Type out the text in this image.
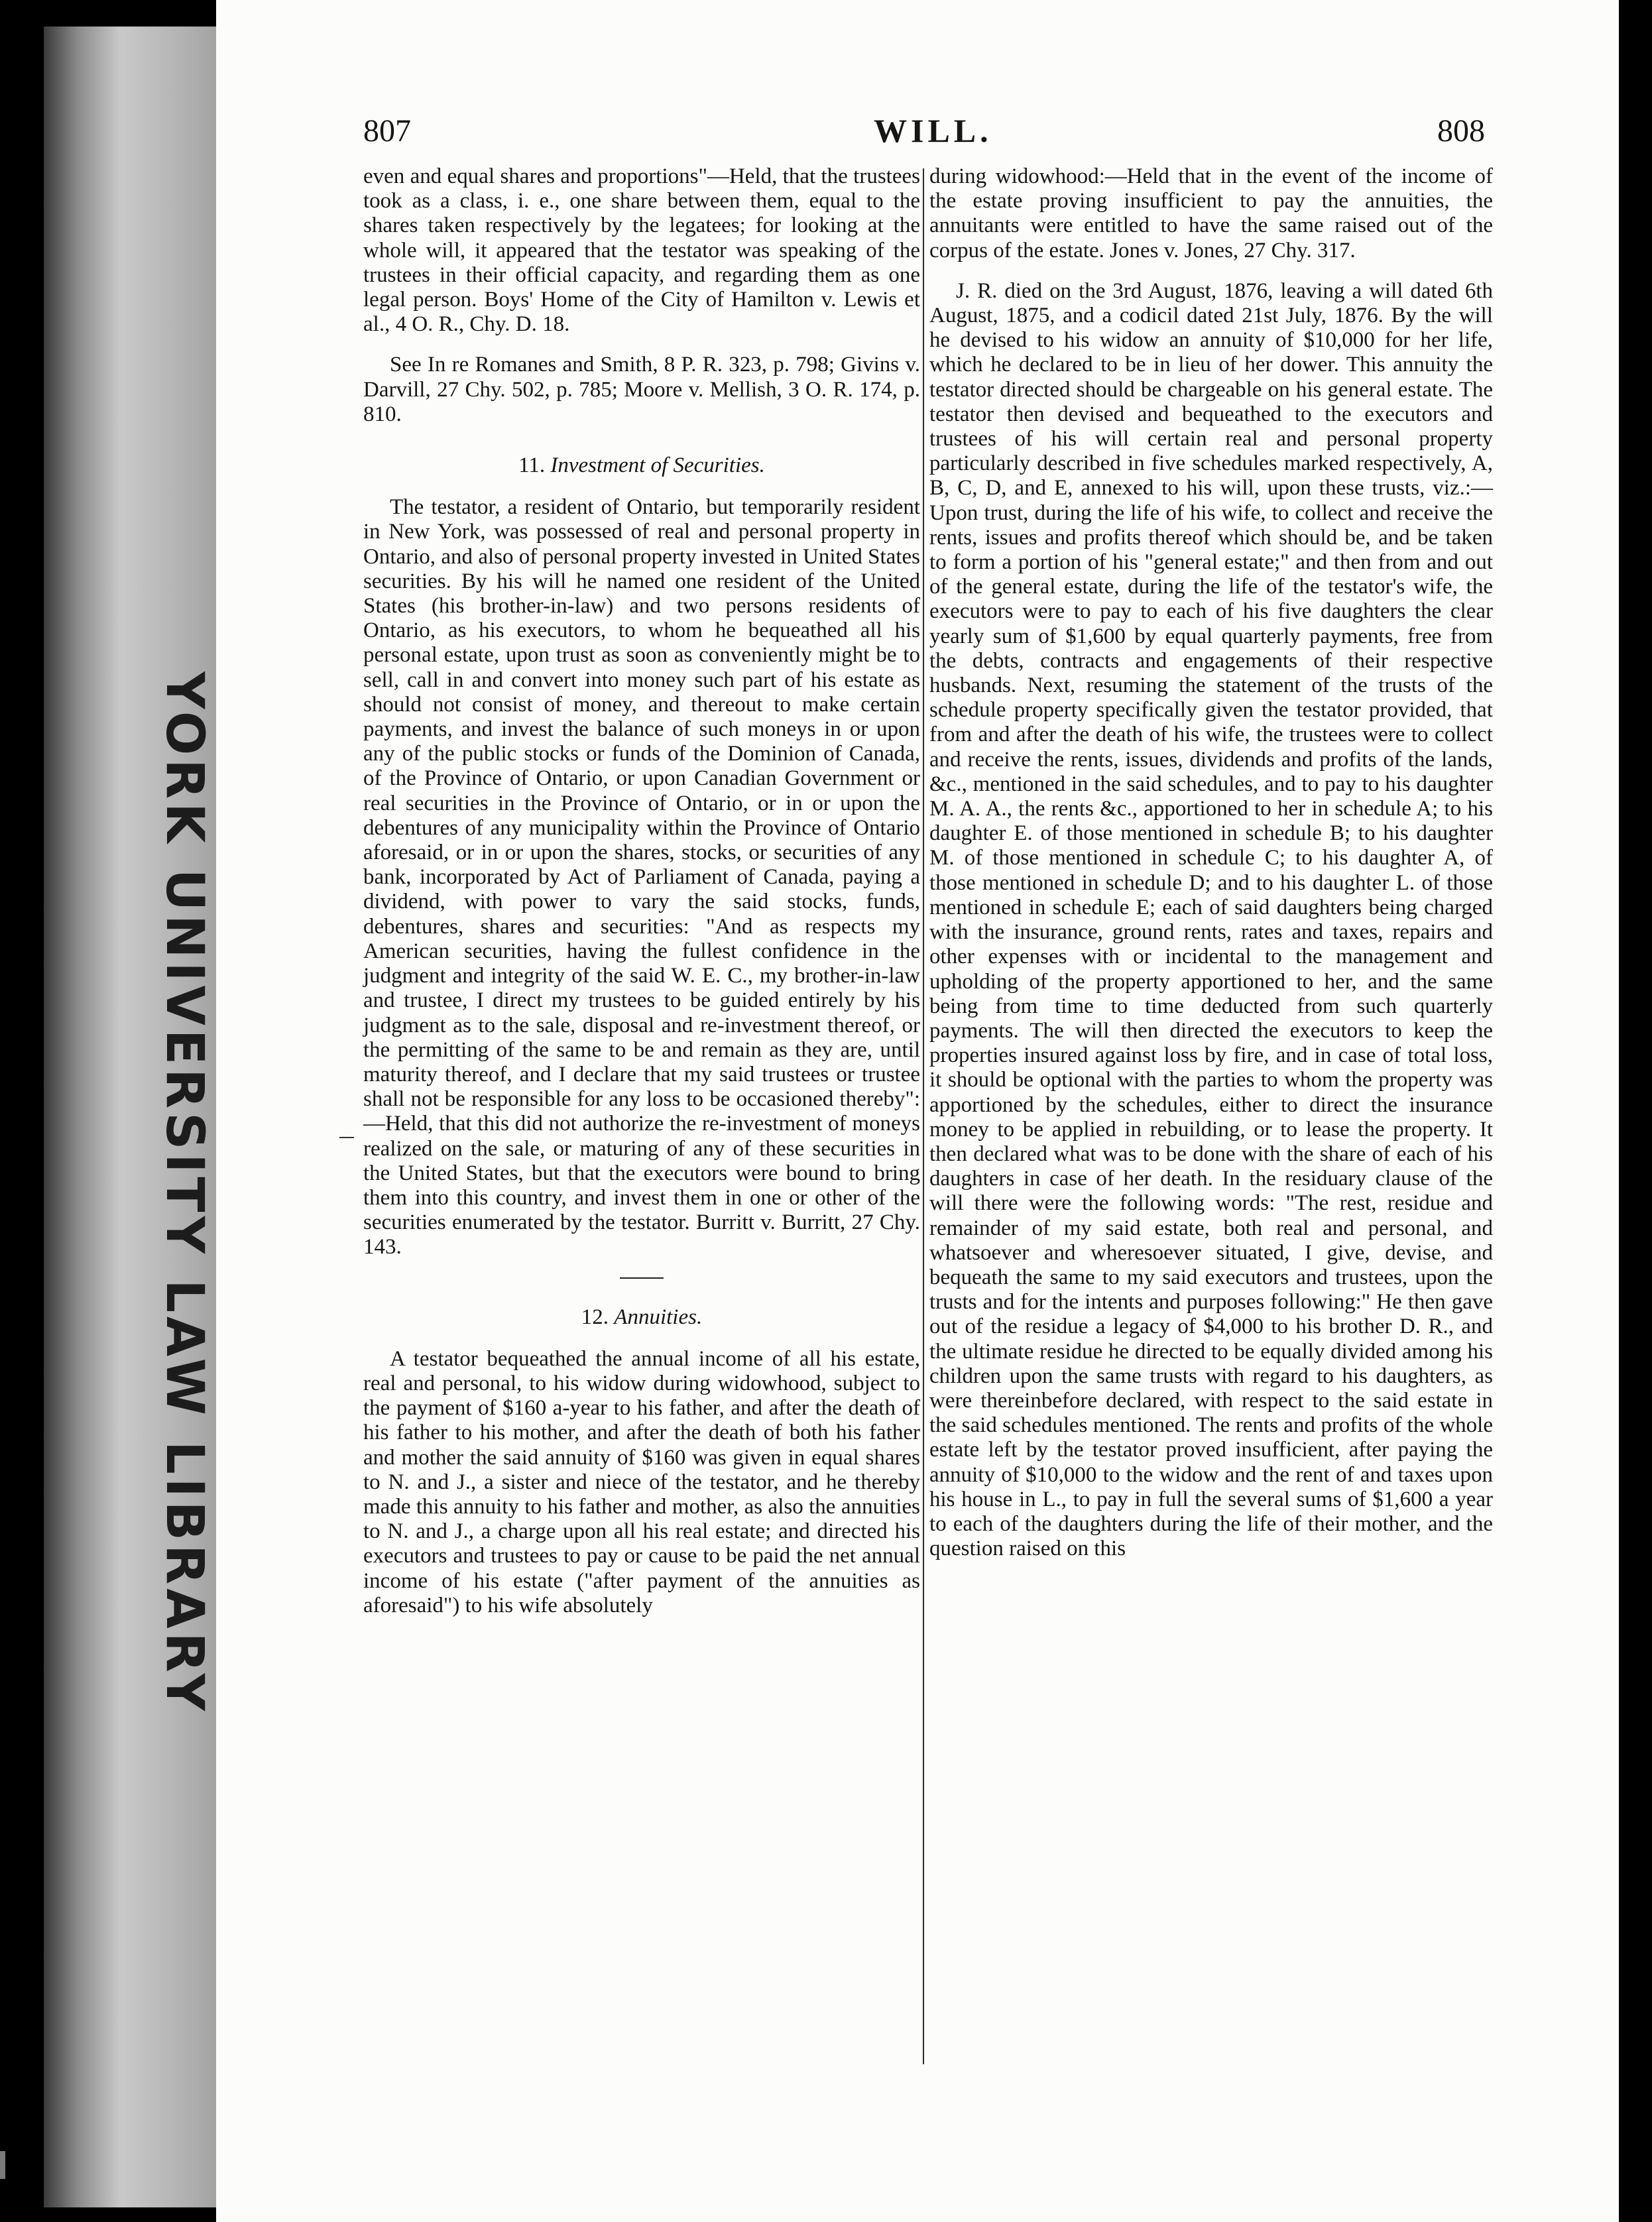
YORK UNIVERSITY LAW LIBRARY
807	WILL.	808

even and equal shares and proportions"—Held, that the trustees took as a class, i. e., one share between them, equal to the shares taken respectively by the legatees; for looking at the whole will, it appeared that the testator was speaking of the trustees in their official capacity, and regarding them as one legal person. Boys' Home of the City of Hamilton v. Lewis et al., 4 O. R., Chy. D. 18.

See In re Romanes and Smith, 8 P. R. 323, p. 798; Givins v. Darvill, 27 Chy. 502, p. 785; Moore v. Mellish, 3 O. R. 174, p. 810.

11. Investment of Securities.

The testator, a resident of Ontario, but temporarily resident in New York, was possessed of real and personal property in Ontario, and also of personal property invested in United States securities. By his will he named one resident of the United States (his brother-in-law) and two persons residents of Ontario, as his executors, to whom he bequeathed all his personal estate, upon trust as soon as conveniently might be to sell, call in and convert into money such part of his estate as should not consist of money, and thereout to make certain payments, and invest the balance of such moneys in or upon any of the public stocks or funds of the Dominion of Canada, of the Province of Ontario, or upon Canadian Government or real securities in the Province of Ontario, or in or upon the debentures of any municipality within the Province of Ontario aforesaid, or in or upon the shares, stocks, or securities of any bank, incorporated by Act of Parliament of Canada, paying a dividend, with power to vary the said stocks, funds, debentures, shares and securities: "And as respects my American securities, having the fullest confidence in the judgment and integrity of the said W. E. C., my brother-in-law and trustee, I direct my trustees to be guided entirely by his judgment as to the sale, disposal and re-investment thereof, or the permitting of the same to be and remain as they are, until maturity thereof, and I declare that my said trustees or trustee shall not be responsible for any loss to be occasioned thereby": —Held, that this did not authorize the re-investment of moneys realized on the sale, or maturing of any of these securities in the United States, but that the executors were bound to bring them into this country, and invest them in one or other of the securities enumerated by the testator. Burritt v. Burritt, 27 Chy. 143.

12. Annuities.

A testator bequeathed the annual income of all his estate, real and personal, to his widow during widowhood, subject to the payment of $160 a-year to his father, and after the death of his father to his mother, and after the death of both his father and mother the said annuity of $160 was given in equal shares to N. and J., a sister and niece of the testator, and he thereby made this annuity to his father and mother, as also the annuities to N. and J., a charge upon all his real estate; and directed his executors and trustees to pay or cause to be paid the net annual income of his estate ("after payment of the annuities as aforesaid") to his wife absolutely

during widowhood:—Held that in the event of the income of the estate proving insufficient to pay the annuities, the annuitants were entitled to have the same raised out of the corpus of the estate. Jones v. Jones, 27 Chy. 317.

J. R. died on the 3rd August, 1876, leaving a will dated 6th August, 1875, and a codicil dated 21st July, 1876. By the will he devised to his widow an annuity of $10,000 for her life, which he declared to be in lieu of her dower. This annuity the testator directed should be chargeable on his general estate. The testator then devised and bequeathed to the executors and trustees of his will certain real and personal property particularly described in five schedules marked respectively, A, B, C, D, and E, annexed to his will, upon these trusts, viz.:—Upon trust, during the life of his wife, to collect and receive the rents, issues and profits thereof which should be, and be taken to form a portion of his "general estate;" and then from and out of the general estate, during the life of the testator's wife, the executors were to pay to each of his five daughters the clear yearly sum of $1,600 by equal quarterly payments, free from the debts, contracts and engagements of their respective husbands. Next, resuming the statement of the trusts of the schedule property specifically given the testator provided, that from and after the death of his wife, the trustees were to collect and receive the rents, issues, dividends and profits of the lands, &c., mentioned in the said schedules, and to pay to his daughter M. A. A., the rents &c., apportioned to her in schedule A; to his daughter E. of those mentioned in schedule B; to his daughter M. of those mentioned in schedule C; to his daughter A, of those mentioned in schedule D; and to his daughter L. of those mentioned in schedule E; each of said daughters being charged with the insurance, ground rents, rates and taxes, repairs and other expenses with or incidental to the management and upholding of the property apportioned to her, and the same being from time to time deducted from such quarterly payments. The will then directed the executors to keep the properties insured against loss by fire, and in case of total loss, it should be optional with the parties to whom the property was apportioned by the schedules, either to direct the insurance money to be applied in rebuilding, or to lease the property. It then declared what was to be done with the share of each of his daughters in case of her death. In the residuary clause of the will there were the following words: "The rest, residue and remainder of my said estate, both real and personal, and whatsoever and wheresoever situated, I give, devise, and bequeath the same to my said executors and trustees, upon the trusts and for the intents and purposes following:" He then gave out of the residue a legacy of $4,000 to his brother D. R., and the ultimate residue he directed to be equally divided among his children upon the same trusts with regard to his daughters, as were thereinbefore declared, with respect to the said estate in the said schedules mentioned. The rents and profits of the whole estate left by the testator proved insufficient, after paying the annuity of $10,000 to the widow and the rent of and taxes upon his house in L., to pay in full the several sums of $1,600 a year to each of the daughters during the life of their mother, and the question raised on this
